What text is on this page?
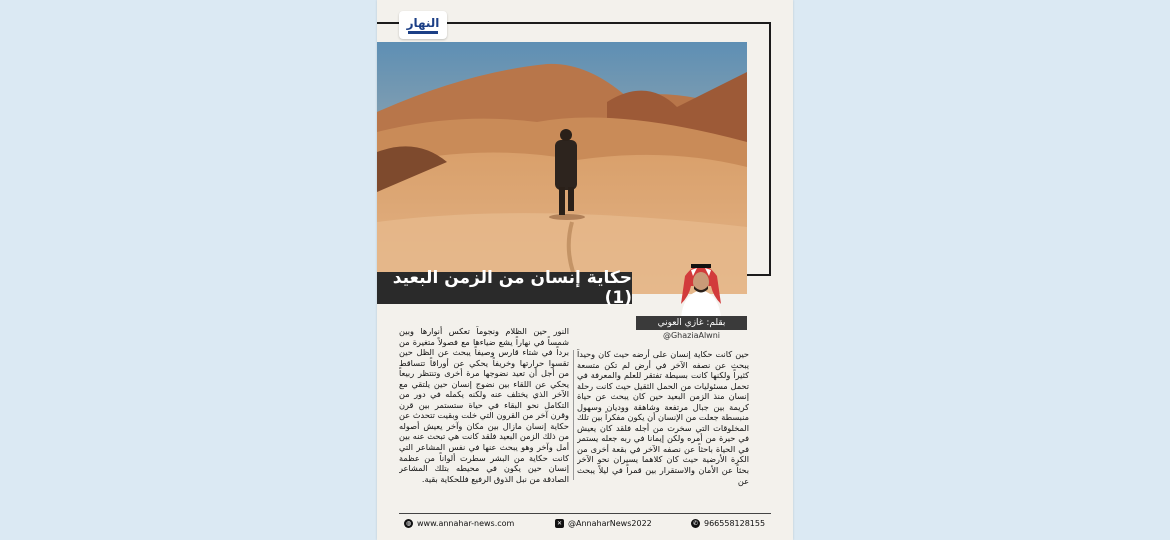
النهار
حكاية إنسان من الزمن البعيد (1)
بقلم: غازي العوني
@GhaziaAlwni
النور حين الظلام ونجوماً تعكس أنوارها وبين شمساً في نهاراً يشع ضياءها مع فصولاً متغيرة من برداً في شتاء قارس وصيفاً يبحث عن الظل حين تقسوا حرارتها وخريفاً يحكي عن أوراقاً تتساقط من أجل أن تعيد نضوجها مرة أخرى وتنتظر ربيعاً يحكي عن اللقاء بين نضوج إنسان حين يلتقي مع الآخر الذي يختلف عنه ولكنه يكمله في دور من التكامل نحو البقاء في حياة ستستمر بين قرن وقرن آخر من القرون التي خلت وبقيت تتحدث عن حكاية إنسان مازال بين مكان وآخر يعيش أصوله من ذلك الزمن البعيد فلقد كانت هي تبحث عنه بين أمل وآخر وهو يبحث عنها في نفس المشاعر التي كانت حكاية من البشر سطرت ألواناً من عظمة إنسان حين يكون في محيطه بتلك المشاعر الصادقة من نبل الذوق الرفيع فللحكاية بقية.
حين كانت حكاية إنسان على أرضه حيث كان وحيداً يبحث عن نصفه الآخر في أرض لم تكن متسعة كثيراً ولكنها كانت بسيطة تفتقر للعلم والمعرفة في تحمل مسئوليات من الحمل الثقيل حيث كانت رحلة إنسان منذ الزمن البعيد حين كان يبحث عن حياة كريمة بين جبال مرتفعة وشاهقة ووديان وسهول منبسطة جعلت من الإنسان أن يكون مفكراً بين تلك المخلوقات التي سخرت من أجله فلقد كان يعيش في حيرة من أمره ولكن إيمانا في ربه جعله يستمر في الحياة باحثاً عن نصفه الآخر في بقعة أخرى من الكرة الأرضية حيث كان كلاهما يسيران نحو الآخر بحثاً عن الأمان والاستقرار بين قمراً في ليلاً يبحث عن
◍ www.annahar-news.com	✕ @AnnaharNews2022	✆ 966558128155
